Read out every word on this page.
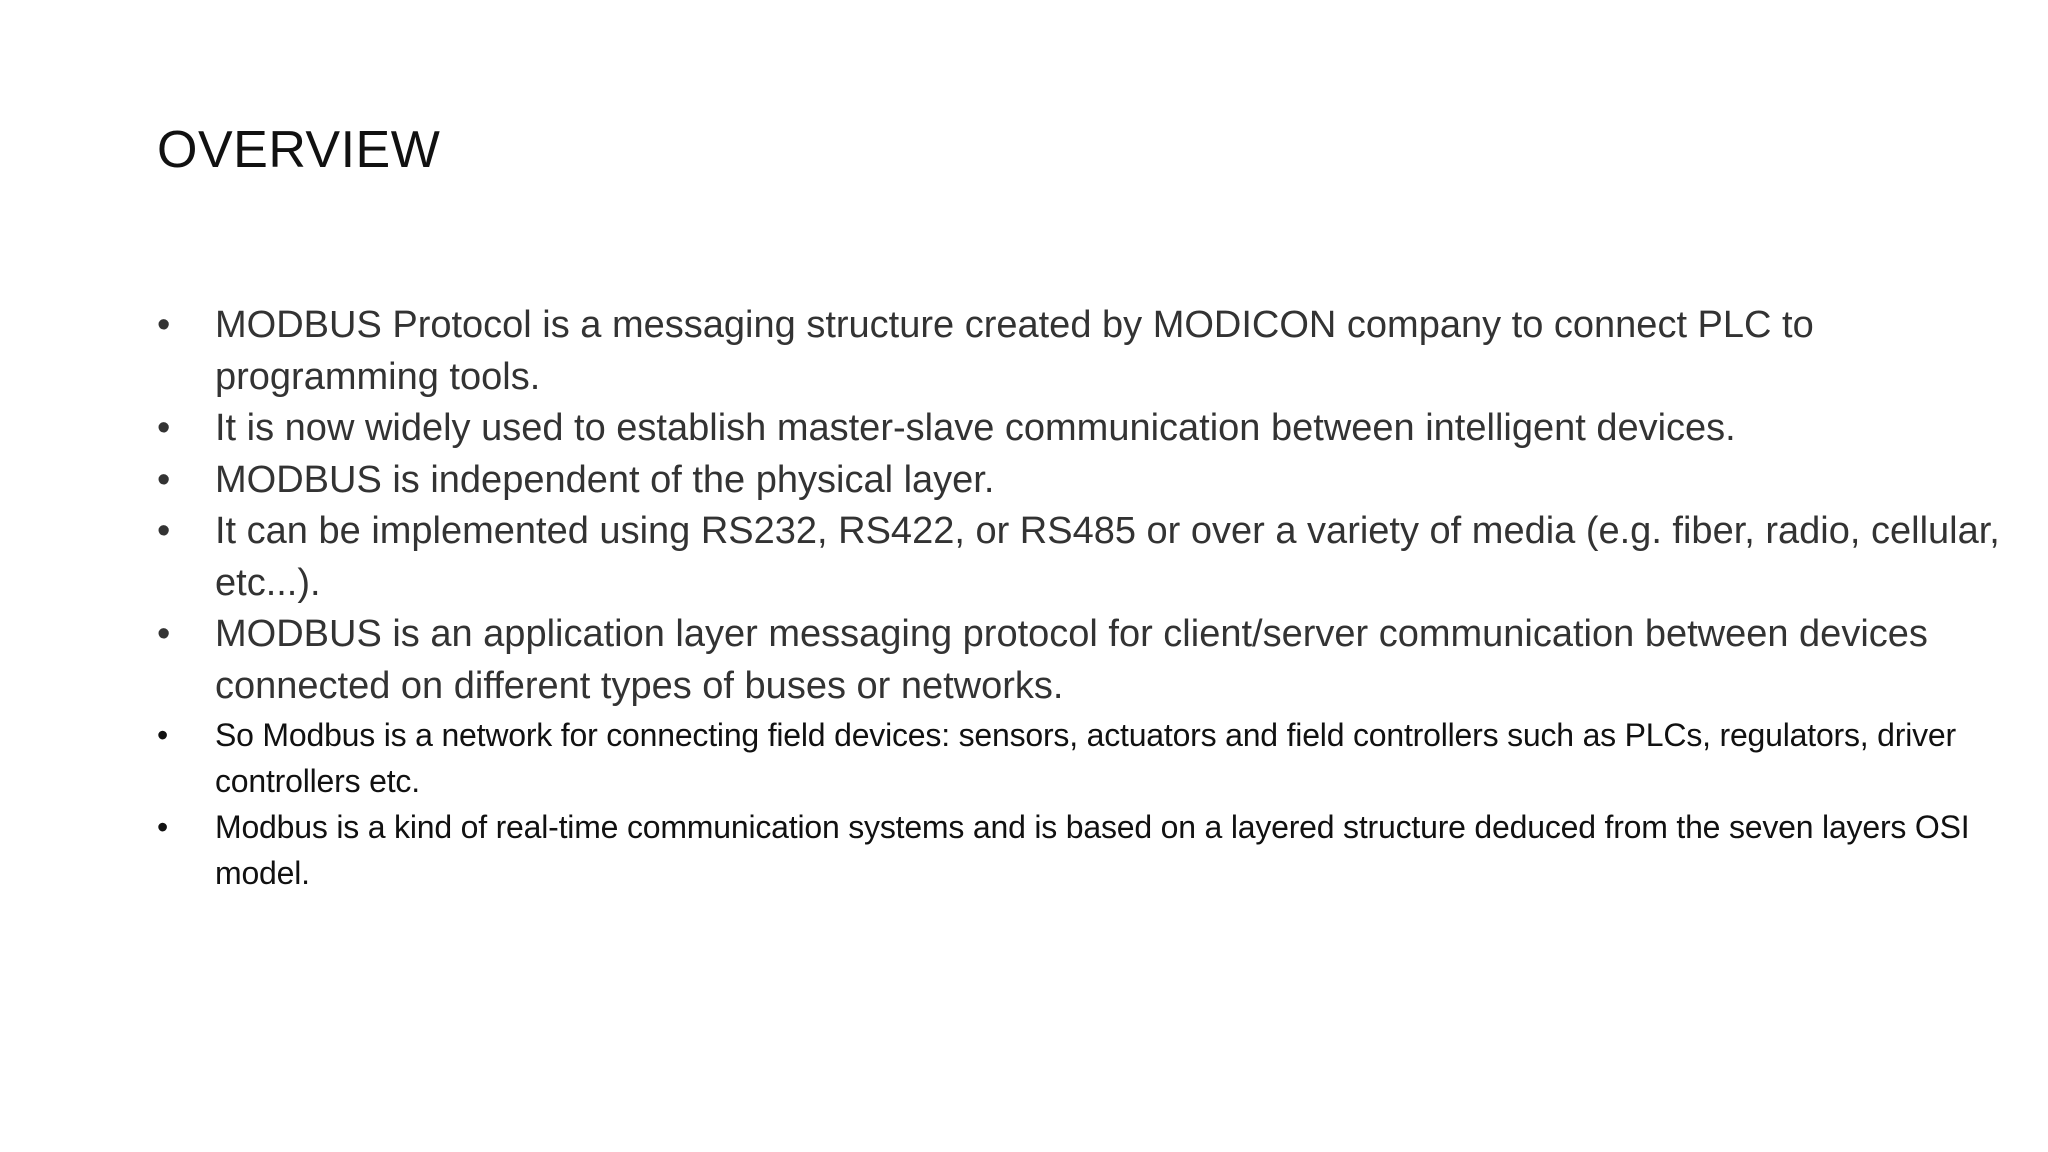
OVERVIEW
•	MODBUS Protocol is a messaging structure created by MODICON company to connect PLC to programming tools.
•	It is now widely used to establish master-slave communication between intelligent devices.
•	MODBUS is independent of the physical layer.
•	It can be implemented using RS232, RS422, or RS485 or over a variety of media (e.g. fiber, radio, cellular, etc...).
•	MODBUS is an application layer messaging protocol for client/server communication between devices connected on different types of buses or networks.
•	So Modbus is a network for connecting field devices: sensors, actuators and field controllers such as PLCs, regulators, driver controllers etc.
•	Modbus is a kind of real-time communication systems and is based on a layered structure deduced from the seven layers OSI model.
